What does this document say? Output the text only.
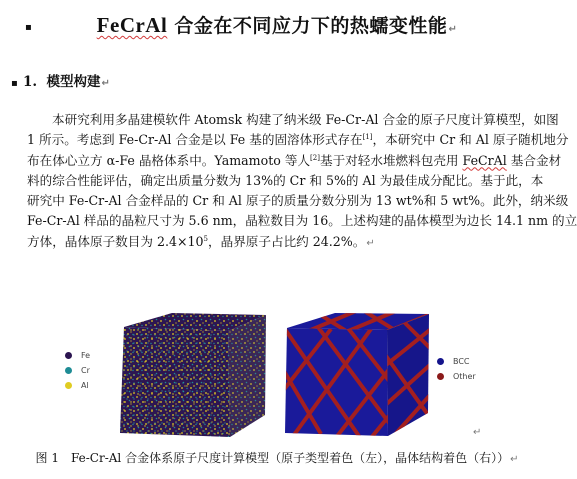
▪	FeCrAl 合金在不同应力下的热蠕变性能↵
▪ 1. 模型构建↵
本研究利用多晶建模软件 Atomsk 构建了纳米级 Fe-Cr-Al 合金的原子尺度计算模型，如图
1 所示。考虑到 Fe-Cr-Al 合金是以 Fe 基的固溶体形式存在[1]，本研究中 Cr 和 Al 原子随机地分
布在体心立方 α-Fe 晶格体系中。Yamamoto 等人[2]基于对轻水堆燃料包壳用 FeCrAl 基合金材
料的综合性能评估，确定出质量分数为 13%的 Cr 和 5%的 Al 为最佳成分配比。基于此，本
研究中 Fe-Cr-Al 合金样品的 Cr 和 Al 原子的质量分数分别为 13 wt%和 5 wt%。此外，纳米级
Fe-Cr-Al 样品的晶粒尺寸为 5.6 nm，晶粒数目为 16。上述构建的晶体模型为边长 14.1 nm 的立
方体，晶体原子数目为 $2.4\times 10^5$，晶界原子占比约 24.2%。↵
Fe
Cr
Al
BCC
Other
↵
图 1 Fe-Cr-Al 合金体系原子尺度计算模型（原子类型着色（左），晶体结构着色（右））↵
